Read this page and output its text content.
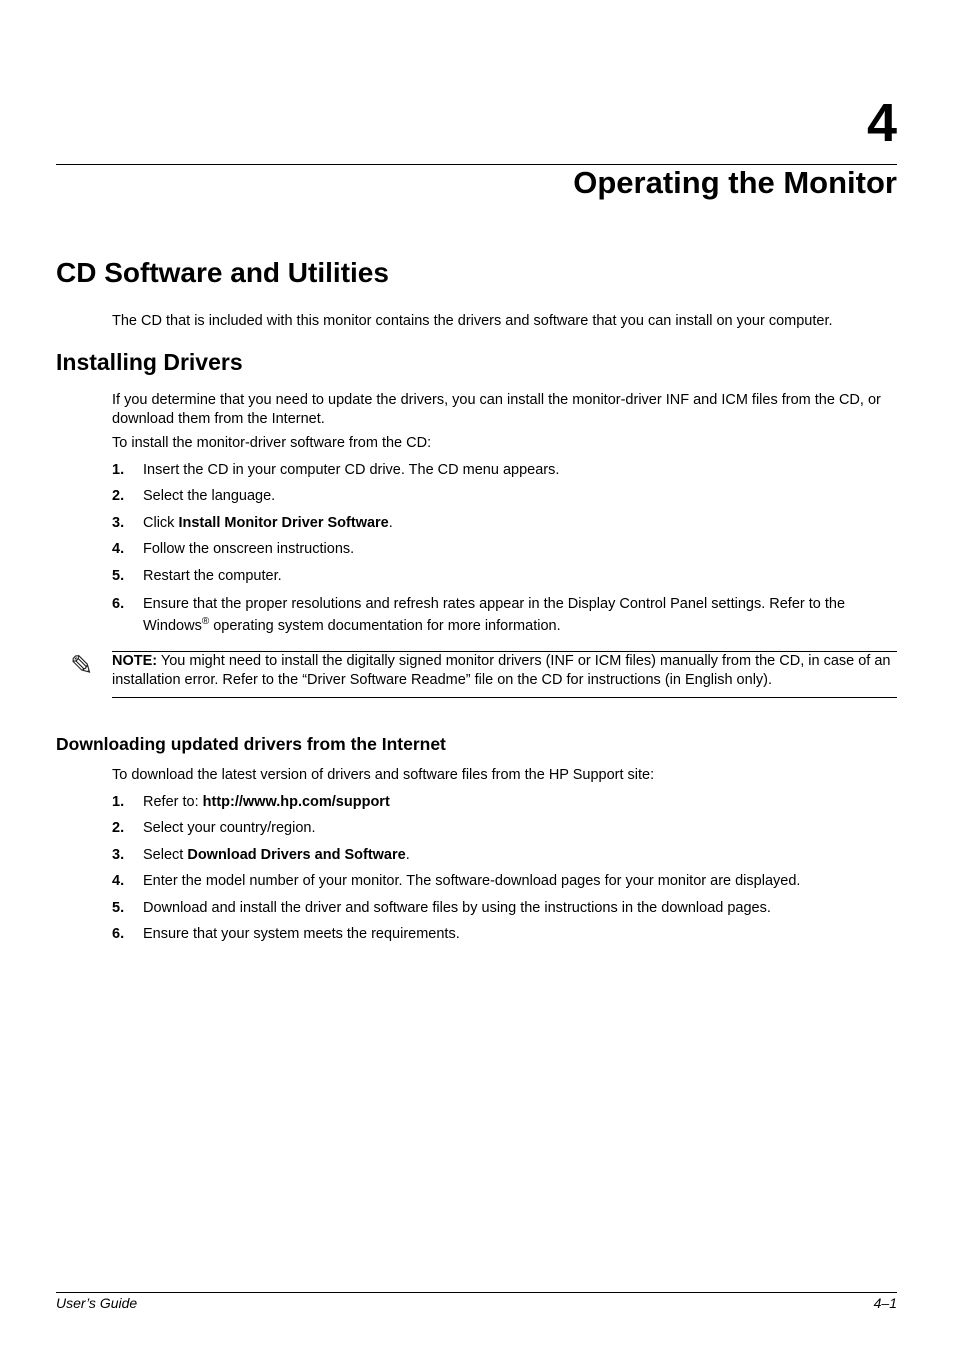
4
Operating the Monitor
CD Software and Utilities
The CD that is included with this monitor contains the drivers and software that you can install on your computer.
Installing Drivers
If you determine that you need to update the drivers, you can install the monitor-driver INF and ICM files from the CD, or download them from the Internet.
To install the monitor-driver software from the CD:
1. Insert the CD in your computer CD drive. The CD menu appears.
2. Select the language.
3. Click Install Monitor Driver Software.
4. Follow the onscreen instructions.
5. Restart the computer.
6. Ensure that the proper resolutions and refresh rates appear in the Display Control Panel settings. Refer to the Windows® operating system documentation for more information.
✎ NOTE: You might need to install the digitally signed monitor drivers (INF or ICM files) manually from the CD, in case of an installation error. Refer to the “Driver Software Readme” file on the CD for instructions (in English only).
Downloading updated drivers from the Internet
To download the latest version of drivers and software files from the HP Support site:
1. Refer to: http://www.hp.com/support
2. Select your country/region.
3. Select Download Drivers and Software.
4. Enter the model number of your monitor. The software-download pages for your monitor are displayed.
5. Download and install the driver and software files by using the instructions in the download pages.
6. Ensure that your system meets the requirements.
User’s Guide	4–1
